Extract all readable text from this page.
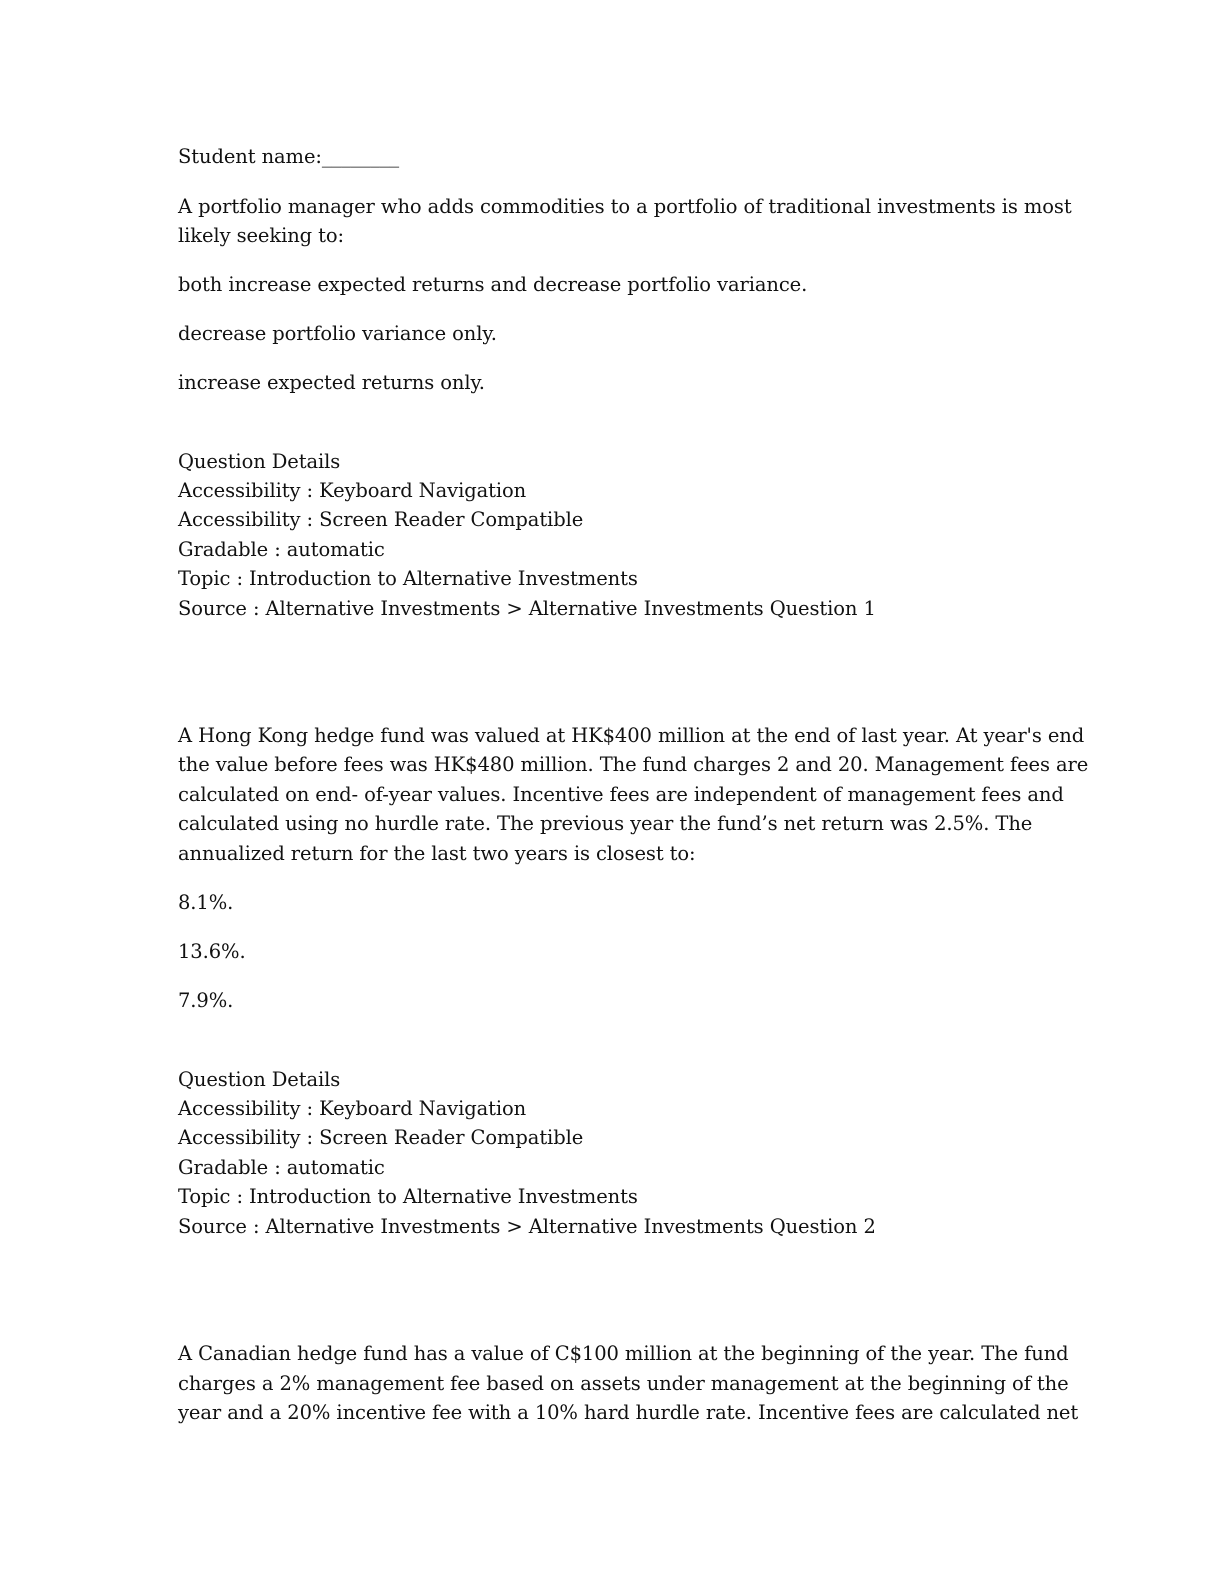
Student name:________

A portfolio manager who adds commodities to a portfolio of traditional investments is most

likely seeking to:

both increase expected returns and decrease portfolio variance.

decrease portfolio variance only.

increase expected returns only.

Question Details

Accessibility : Keyboard Navigation

Accessibility : Screen Reader Compatible

Gradable : automatic

Topic : Introduction to Alternative Investments

Source : Alternative Investments > Alternative Investments Question 1

A Hong Kong hedge fund was valued at HK$400 million at the end of last year. At year's end

the value before fees was HK$480 million. The fund charges 2 and 20. Management fees are

calculated on end- of-year values. Incentive fees are independent of management fees and

calculated using no hurdle rate. The previous year the fund’s net return was 2.5%. The

annualized return for the last two years is closest to:

8.1%.

13.6%.

7.9%.

Question Details

Accessibility : Keyboard Navigation

Accessibility : Screen Reader Compatible

Gradable : automatic

Topic : Introduction to Alternative Investments

Source : Alternative Investments > Alternative Investments Question 2

A Canadian hedge fund has a value of C$100 million at the beginning of the year. The fund

charges a 2% management fee based on assets under management at the beginning of the

year and a 20% incentive fee with a 10% hard hurdle rate. Incentive fees are calculated net
